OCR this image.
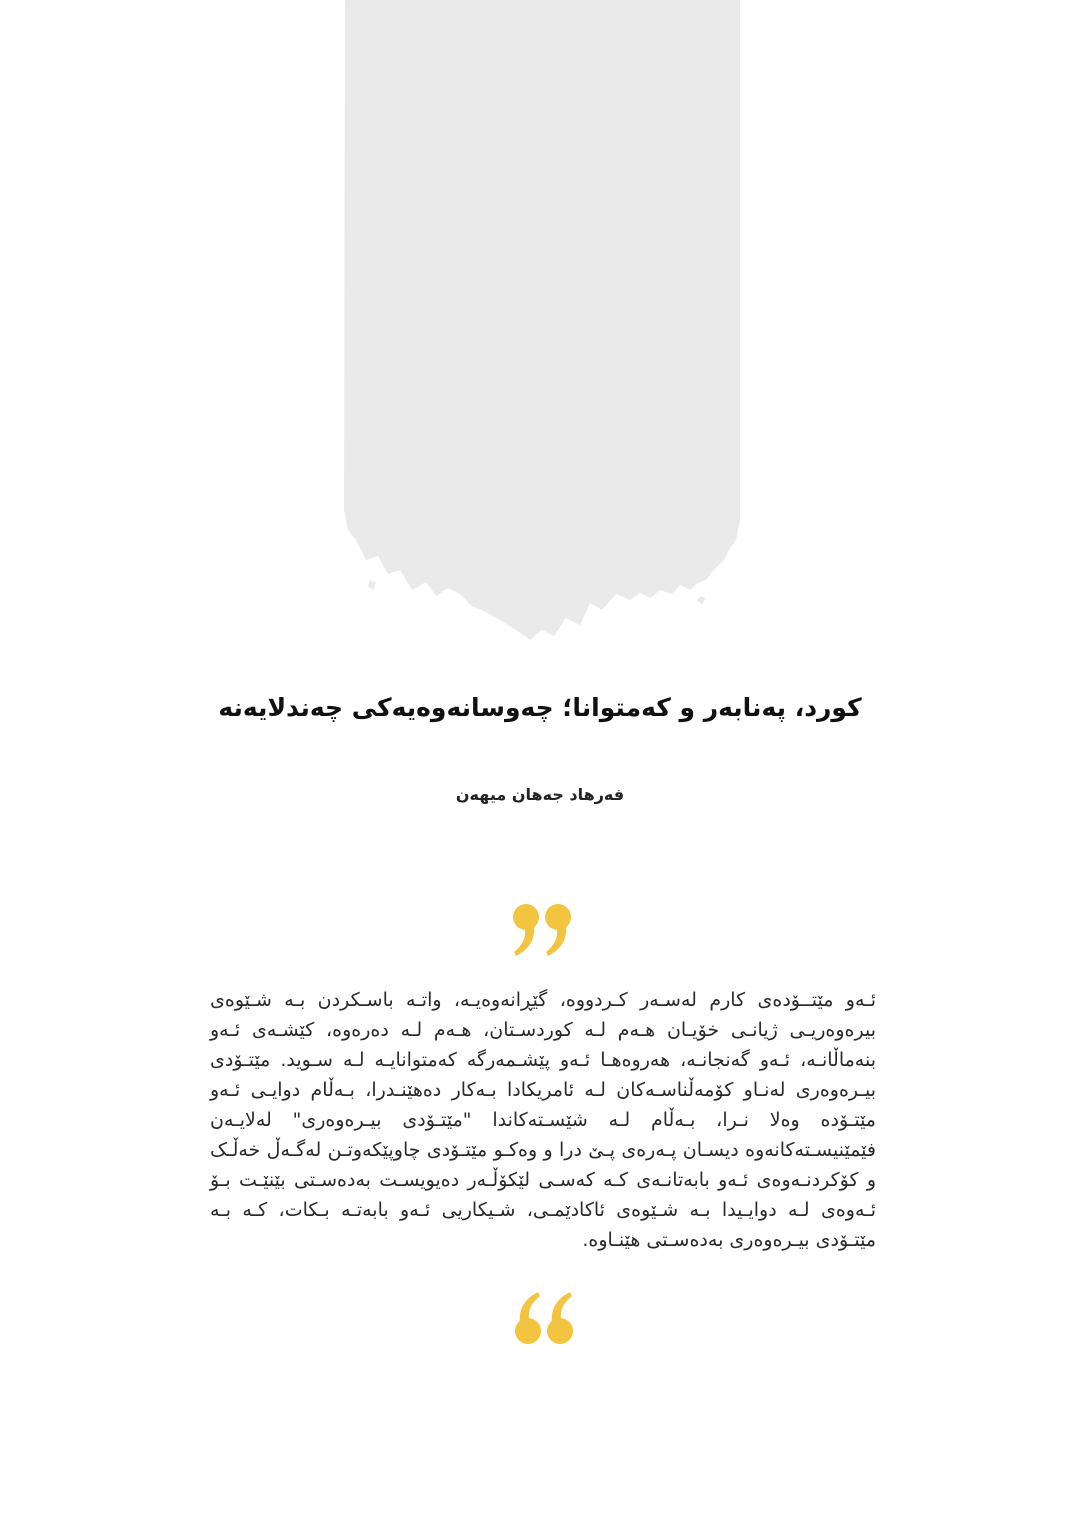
کورد، پەنابەر و کەمتوانا؛ چەوسانەوەیەکی چەندلایەنە
فەرهاد جەهان میهەن
ئـەو مێتــۆدەی کارم لەسـەر کـردووە، گێڕانەوەیـە، واتـە باسـکردن بـە شـێوەی بیرەوەریـی ژیانـی خۆیـان هـەم لـە کوردسـتان، هـەم لـە دەرەوە، کێشـەی ئـەو بنەماڵانـە، ئـەو گەنجانـە، هەروەهـا ئـەو پێشـمەرگە کەمتوانایـە لـە سـوید. مێتـۆدی بیـرەوەری لەنـاو کۆمەڵناسـەکان لـە ئامریکادا بـەکار دەهێنـدرا، بـەڵام دوایـی ئـەو مێتـۆدە وەلا نـرا، بـەڵام لـە شێسـتەکاندا "مێتـۆدی بیـرەوەری" لەلایـەن فێمێنیسـتەکانەوە دیسـان پـەرەی پـێ درا و وەکـو مێتـۆدی چاوپێکەوتـن لەگـەڵ خەڵـک و کۆکردنـەوەی ئـەو بابەتانـەی کـە کەسـی لێکۆڵـەر دەیویسـت بەدەسـتی بێنێـت بـۆ ئـەوەی لـە دوایـیدا بـە شـێوەی ئاکادێمـی، شـیکاریی ئـەو بابەتـە بـکات، کـە بـە مێتـۆدی بیـرەوەری بەدەسـتی هێنـاوە.
